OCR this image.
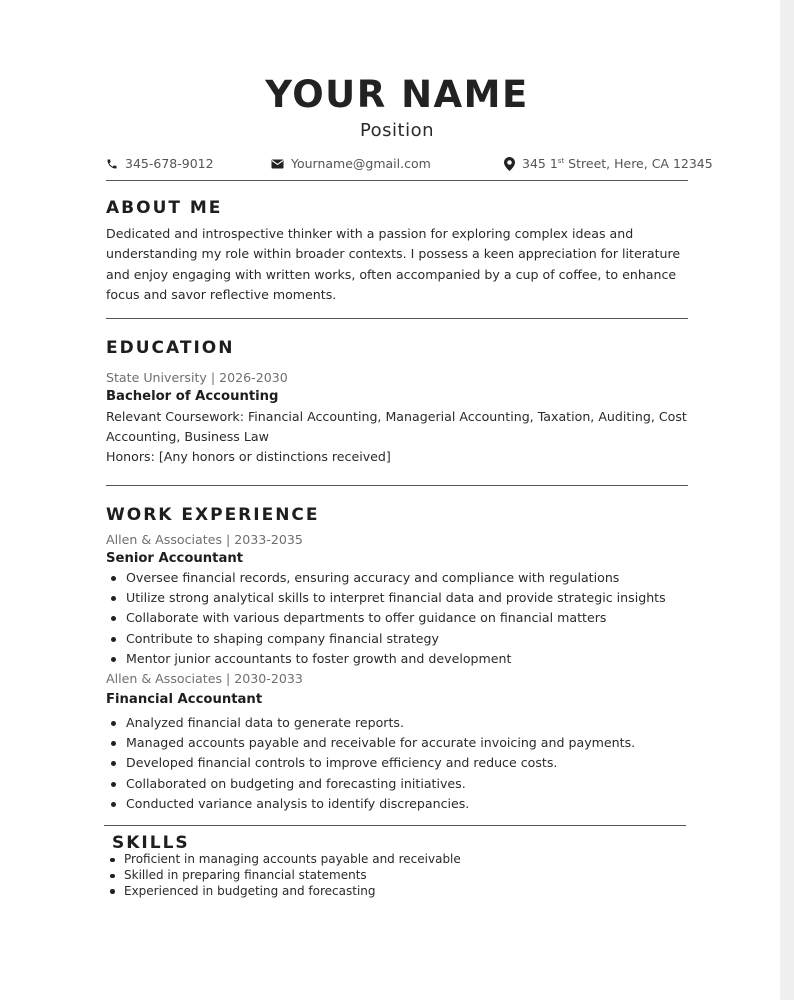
YOUR NAME
Position
345-678-9012	Yourname@gmail.com	345 1st Street, Here, CA 12345
ABOUT ME
Dedicated and introspective thinker with a passion for exploring complex ideas and
understanding my role within broader contexts. I possess a keen appreciation for literature
and enjoy engaging with written works, often accompanied by a cup of coffee, to enhance
focus and savor reflective moments.
EDUCATION
State University | 2026-2030
Bachelor of Accounting
Relevant Coursework: Financial Accounting, Managerial Accounting, Taxation, Auditing, Cost
Accounting, Business Law
Honors: [Any honors or distinctions received]
WORK EXPERIENCE
Allen & Associates | 2033-2035
Senior Accountant
Oversee financial records, ensuring accuracy and compliance with regulations
Utilize strong analytical skills to interpret financial data and provide strategic insights
Collaborate with various departments to offer guidance on financial matters
Contribute to shaping company financial strategy
Mentor junior accountants to foster growth and development
Allen & Associates | 2030-2033
Financial Accountant
Analyzed financial data to generate reports.
Managed accounts payable and receivable for accurate invoicing and payments.
Developed financial controls to improve efficiency and reduce costs.
Collaborated on budgeting and forecasting initiatives.
Conducted variance analysis to identify discrepancies.
SKILLS
Proficient in managing accounts payable and receivable
Skilled in preparing financial statements
Experienced in budgeting and forecasting
